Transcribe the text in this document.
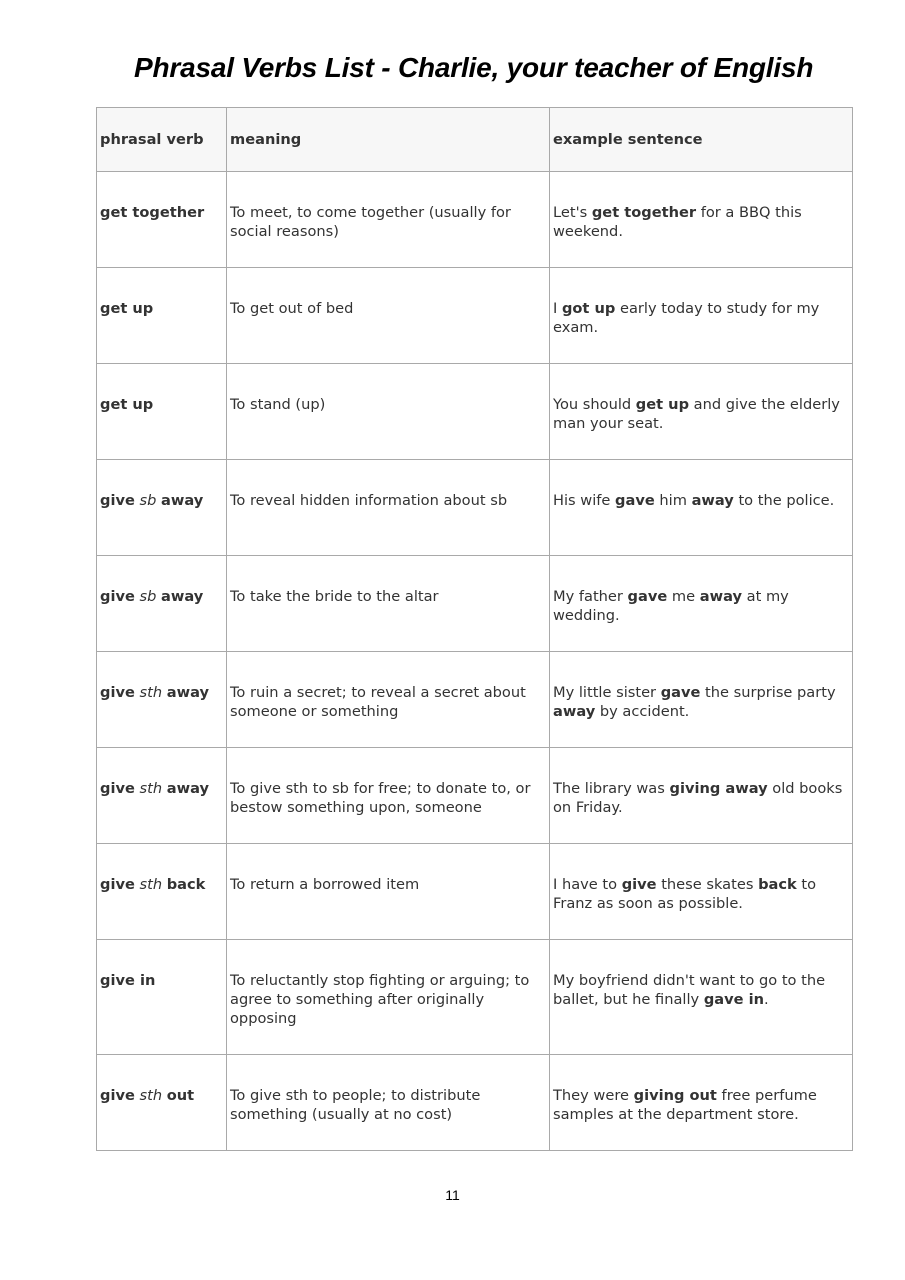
Phrasal Verbs List - Charlie, your teacher of English
phrasal verb	meaning	example sentence
get together	To meet, to come together (usually for social reasons)	Let's get together for a BBQ this weekend.
get up	To get out of bed	I got up early today to study for my exam.
get up	To stand (up)	You should get up and give the elderly man your seat.
give sb away	To reveal hidden information about sb	His wife gave him away to the police.
give sb away	To take the bride to the altar	My father gave me away at my wedding.
give sth away	To ruin a secret; to reveal a secret about someone or something	My little sister gave the surprise party away by accident.
give sth away	To give sth to sb for free; to donate to, or bestow something upon, someone	The library was giving away old books on Friday.
give sth back	To return a borrowed item	I have to give these skates back to Franz as soon as possible.
give in	To reluctantly stop fighting or arguing; to agree to something after originally opposing	My boyfriend didn't want to go to the ballet, but he finally gave in.
give sth out	To give sth to people; to distribute something (usually at no cost)	They were giving out free perfume samples at the department store.
11
